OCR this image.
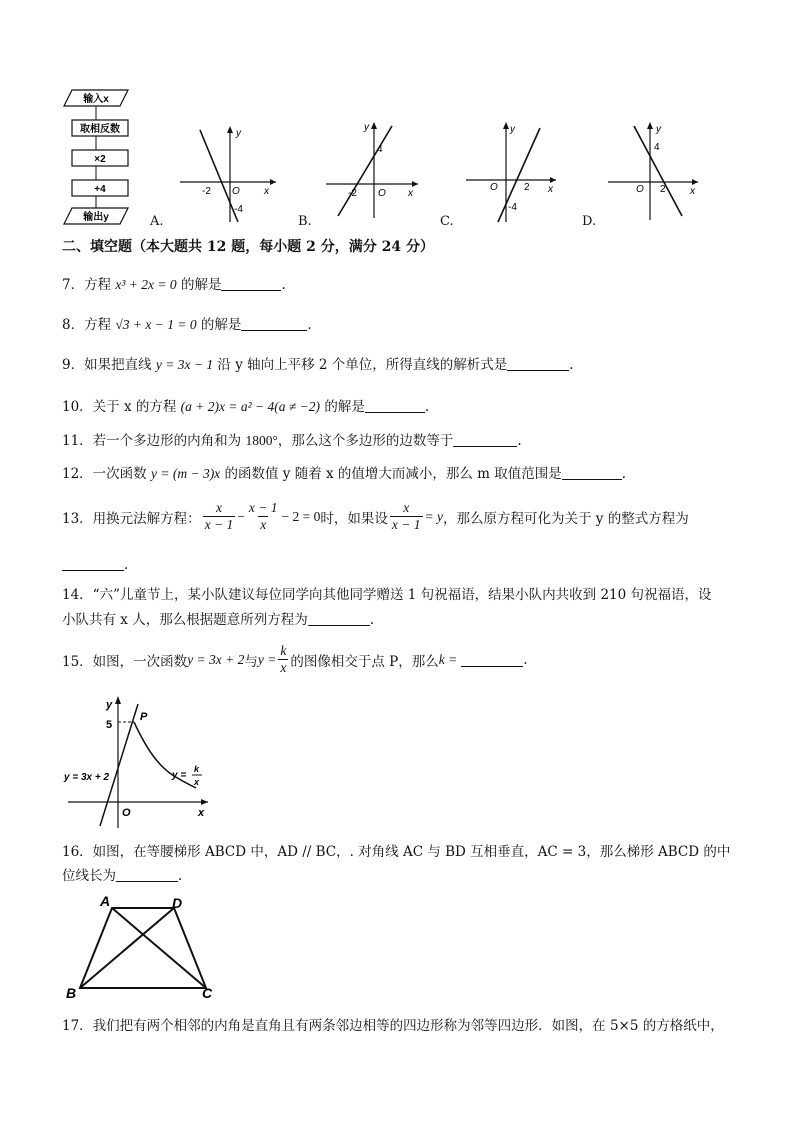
输入x
取相反数
×2
+4
输出y	A.
y
-2 O x
-4
B.
y
4
-2 O x
C.
y
O	2 x
-4
D.
y
4
O 2 x
二、填空题（本大题共 12 题，每小题 2 分，满分 24 分）
7．方程 x³ + 2x = 0 的解是	.
8．方程 √3 + x − 1 = 0 的解是	.
9．如果把直线 y = 3x − 1 沿 y 轴向上平移 2 个单位，所得直线的解析式是	.
10．关于 x 的方程 (a + 2)x = a² − 4(a ≠ −2) 的解是	.
11．若一个多边形的内角和为 1800°，那么这个多边形的边数等于	.
12．一次函数 y = (m − 3)x 的函数值 y 随着 x 的值增大而减小，那么 m 取值范围是	.
13．用换元法解方程： $\frac{x}{x - 1} - \frac{x - 1}{x} - 2 = 0$ 时，如果设 $\frac{x}{x - 1} = y$ ，那么原方程可化为关于 y 的整式方程为
.
14．“六”儿童节上，某小队建议每位同学向其他同学赠送 1 句祝福语，结果小队内共收到 210 句祝福语，设
小队共有 x 人，那么根据题意所列方程为	.
15．如图，一次函数 y = 3x + 2 与 $y = \frac{k}{x}$ 的图像相交于点 P，那么 k =	.
y
5
P
y = 3x + 2	y =
k
x
O	x
16．如图，在等腰梯形 ABCD 中，AD // BC，. 对角线 AC 与 BD 互相垂直，AC = 3，那么梯形 ABCD 的中
位线长为	.
A	D
B	C
17．我们把有两个相邻的内角是直角且有两条邻边相等的四边形称为邻等四边形．如图，在 5×5 的方格纸中，
